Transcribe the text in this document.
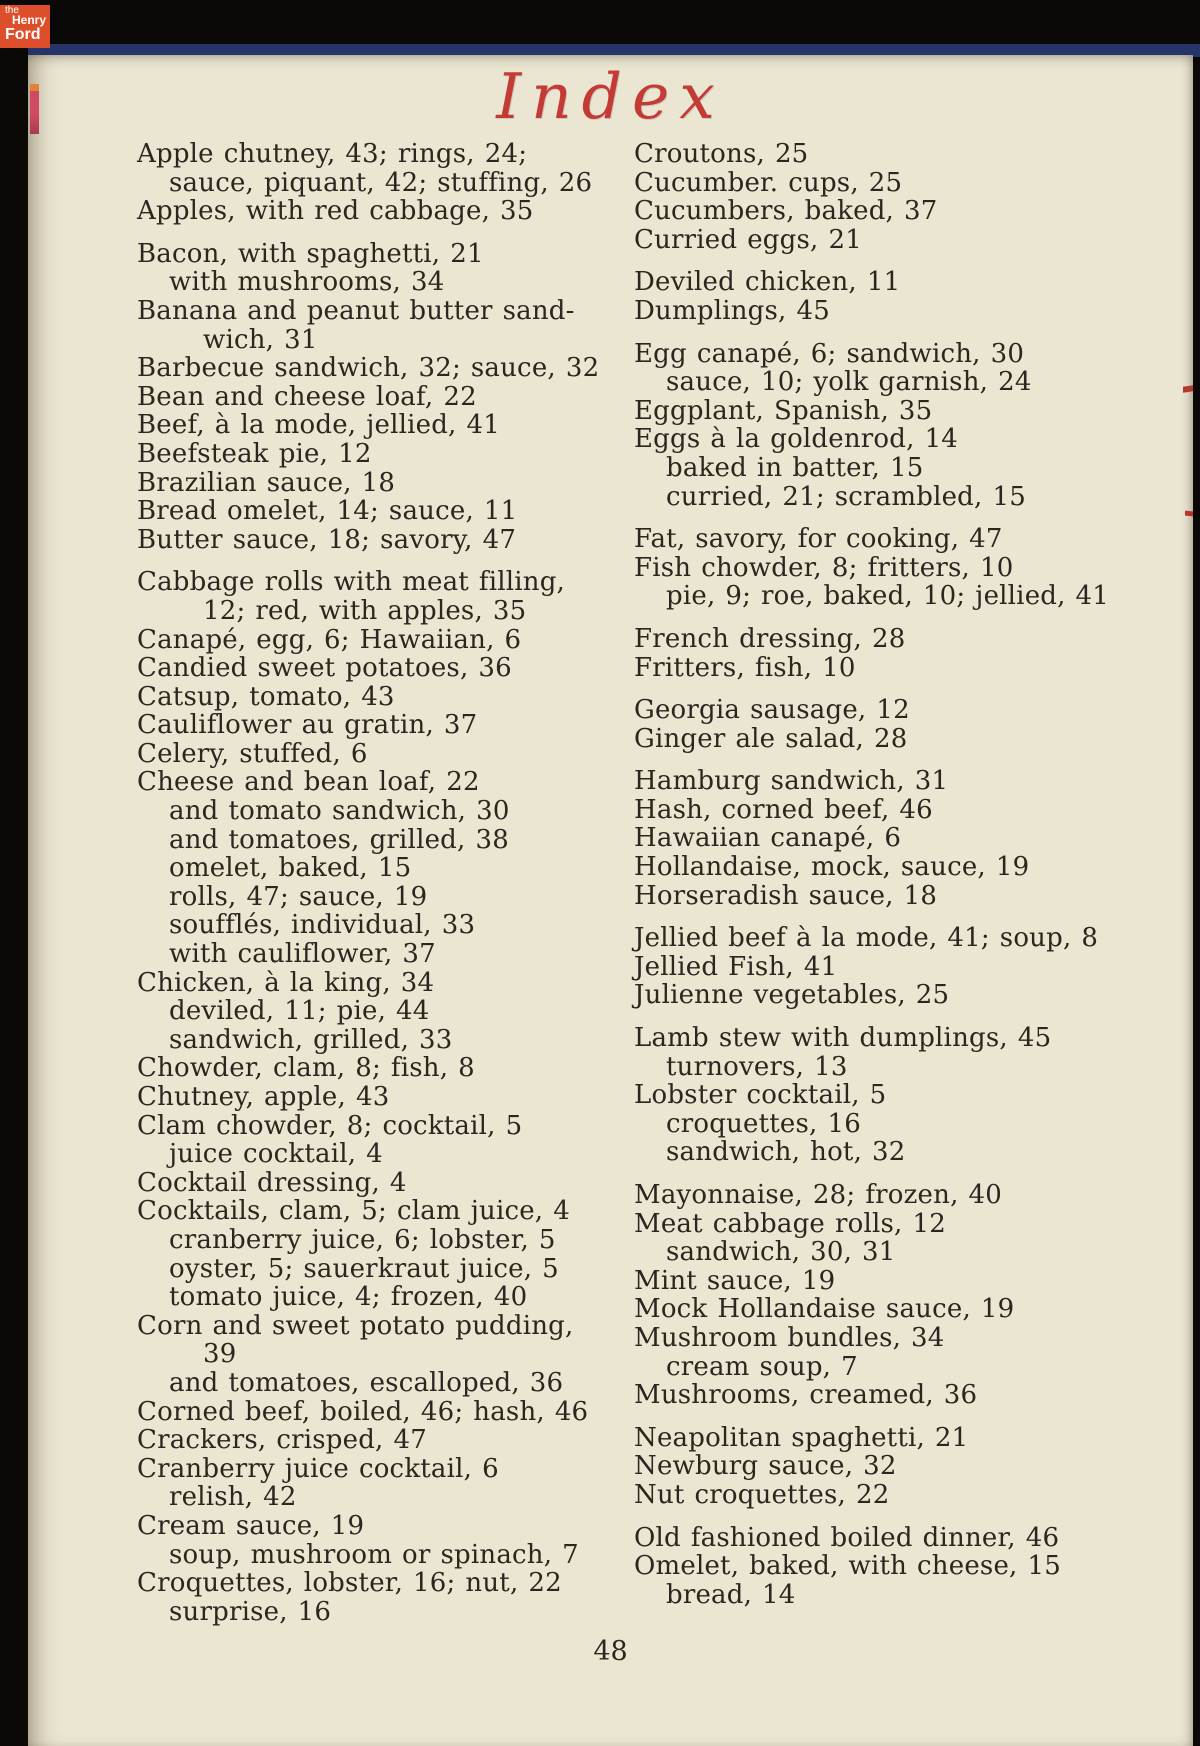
Index
Apple chutney, 43; rings, 24;
sauce, piquant, 42; stuffing, 26
Apples, with red cabbage, 35
Bacon, with spaghetti, 21
with mushrooms, 34
Banana and peanut butter sand-
wich, 31
Barbecue sandwich, 32; sauce, 32
Bean and cheese loaf, 22
Beef, à la mode, jellied, 41
Beefsteak pie, 12
Brazilian sauce, 18
Bread omelet, 14; sauce, 11
Butter sauce, 18; savory, 47
Cabbage rolls with meat filling,
12; red, with apples, 35
Canapé, egg, 6; Hawaiian, 6
Candied sweet potatoes, 36
Catsup, tomato, 43
Cauliflower au gratin, 37
Celery, stuffed, 6
Cheese and bean loaf, 22
and tomato sandwich, 30
and tomatoes, grilled, 38
omelet, baked, 15
rolls, 47; sauce, 19
soufflés, individual, 33
with cauliflower, 37
Chicken, à la king, 34
deviled, 11; pie, 44
sandwich, grilled, 33
Chowder, clam, 8; fish, 8
Chutney, apple, 43
Clam chowder, 8; cocktail, 5
juice cocktail, 4
Cocktail dressing, 4
Cocktails, clam, 5; clam juice, 4
cranberry juice, 6; lobster, 5
oyster, 5; sauerkraut juice, 5
tomato juice, 4; frozen, 40
Corn and sweet potato pudding,
39
and tomatoes, escalloped, 36
Corned beef, boiled, 46; hash, 46
Crackers, crisped, 47
Cranberry juice cocktail, 6
relish, 42
Cream sauce, 19
soup, mushroom or spinach, 7
Croquettes, lobster, 16; nut, 22
surprise, 16
Croutons, 25
Cucumber. cups, 25
Cucumbers, baked, 37
Curried eggs, 21
Deviled chicken, 11
Dumplings, 45
Egg canapé, 6; sandwich, 30
sauce, 10; yolk garnish, 24
Eggplant, Spanish, 35
Eggs à la goldenrod, 14
baked in batter, 15
curried, 21; scrambled, 15
Fat, savory, for cooking, 47
Fish chowder, 8; fritters, 10
pie, 9; roe, baked, 10; jellied, 41
French dressing, 28
Fritters, fish, 10
Georgia sausage, 12
Ginger ale salad, 28
Hamburg sandwich, 31
Hash, corned beef, 46
Hawaiian canapé, 6
Hollandaise, mock, sauce, 19
Horseradish sauce, 18
Jellied beef à la mode, 41; soup, 8
Jellied Fish, 41
Julienne vegetables, 25
Lamb stew with dumplings, 45
turnovers, 13
Lobster cocktail, 5
croquettes, 16
sandwich, hot, 32
Mayonnaise, 28; frozen, 40
Meat cabbage rolls, 12
sandwich, 30, 31
Mint sauce, 19
Mock Hollandaise sauce, 19
Mushroom bundles, 34
cream soup, 7
Mushrooms, creamed, 36
Neapolitan spaghetti, 21
Newburg sauce, 32
Nut croquettes, 22
Old fashioned boiled dinner, 46
Omelet, baked, with cheese, 15
bread, 14
48
the
Henry
Ford
